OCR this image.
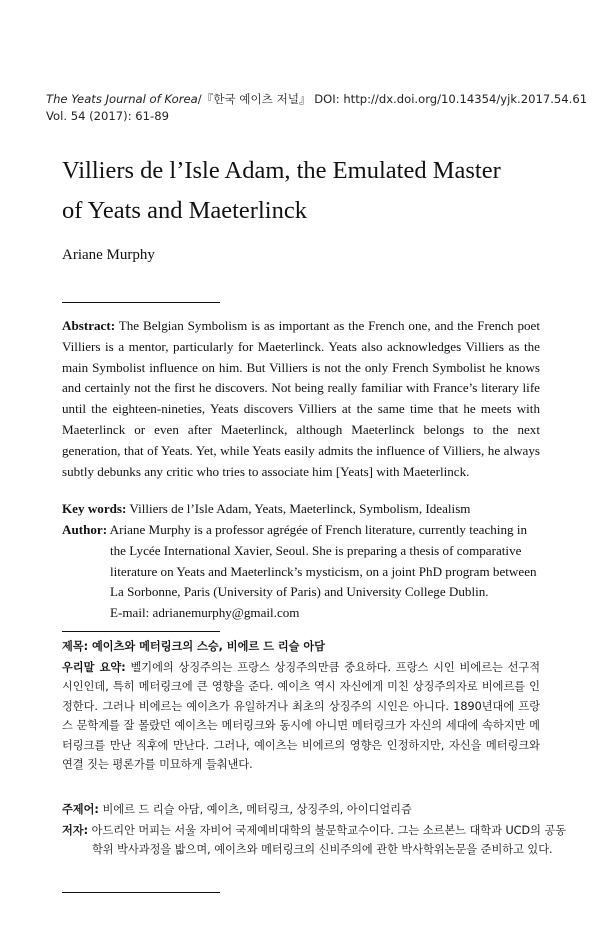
The Yeats Journal of Korea/『한국 예이츠 저널』 DOI: http://dx.doi.org/10.14354/yjk.2017.54.61
Vol. 54 (2017): 61-89
Villiers de l’Isle Adam, the Emulated Master
of Yeats and Maeterlinck
Ariane Murphy
Abstract: The Belgian Symbolism is as important as the French one, and the French poet Villiers is a mentor, particularly for Maeterlinck. Yeats also acknowledges Villiers as the main Symbolist influence on him. But Villiers is not the only French Symbolist he knows and certainly not the first he discovers. Not being really familiar with France’s literary life until the eighteen-nineties, Yeats discovers Villiers at the same time that he meets with Maeterlinck or even after Maeterlinck, although Maeterlinck belongs to the next generation, that of Yeats. Yet, while Yeats easily admits the influence of Villiers, he always subtly debunks any critic who tries to associate him [Yeats] with Maeterlinck.
Key words: Villiers de l’Isle Adam, Yeats, Maeterlinck, Symbolism, Idealism
Author: Ariane Murphy is a professor agrégée of French literature, currently teaching in the Lycée International Xavier, Seoul. She is preparing a thesis of comparative literature on Yeats and Maeterlinck’s mysticism, on a joint PhD program between La Sorbonne, Paris (University of Paris) and University College Dublin.
E-mail: adrianemurphy@gmail.com
제목: 예이츠와 메터링크의 스승, 비에르 드 리슬 아담
우리말 요약: 벨기에의 상징주의는 프랑스 상징주의만큼 중요하다. 프랑스 시인 비에르는 선구적 시인인데, 특히 메터링크에 큰 영향을 준다. 예이츠 역시 자신에게 미친 상징주의자로 비에르를 인정한다. 그러나 비에르는 예이츠가 유일하거나 최초의 상징주의 시인은 아니다. 1890년대에 프랑스 문학계를 잘 몰랐던 예이츠는 메터링크와 동시에 아니면 메터링크가 자신의 세대에 속하지만 메터링크를 만난 직후에 만난다. 그러나, 예이츠는 비에르의 영향은 인정하지만, 자신을 메터링크와 연결 짓는 평론가를 미묘하게 들춰낸다.
주제어: 비에르 드 리슬 아담, 예이츠, 메터링크, 상징주의, 아이디얼리즘
저자: 아드리안 머피는 서울 자비어 국제예비대학의 불문학교수이다. 그는 소르본느 대학과 UCD의 공동학위 박사과정을 밟으며, 예이츠와 메터링크의 신비주의에 관한 박사학위논문을 준비하고 있다.
